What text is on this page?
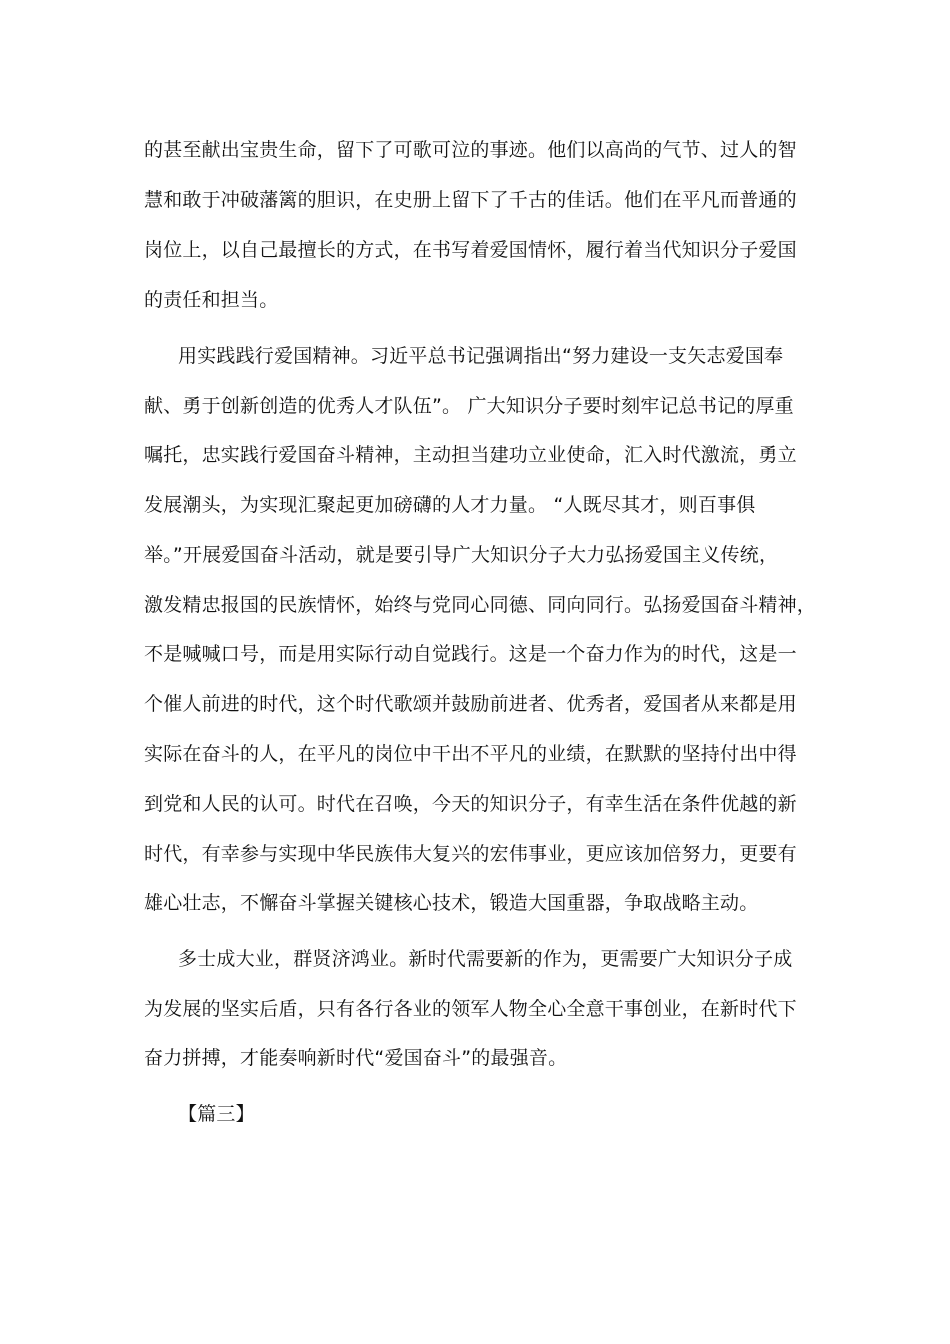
的甚至献出宝贵生命，留下了可歌可泣的事迹。他们以高尚的气节、过人的智
慧和敢于冲破藩篱的胆识，在史册上留下了千古的佳话。他们在平凡而普通的
岗位上，以自己最擅长的方式，在书写着爱国情怀，履行着当代知识分子爱国
的责任和担当。
用实践践行爱国精神。习近平总书记强调指出“努力建设一支矢志爱国奉
献、勇于创新创造的优秀人才队伍”。 广大知识分子要时刻牢记总书记的厚重
嘱托，忠实践行爱国奋斗精神，主动担当建功立业使命，汇入时代激流，勇立
发展潮头，为实现汇聚起更加磅礴的人才力量。 “人既尽其才，则百事俱
举。”开展爱国奋斗活动，就是要引导广大知识分子大力弘扬爱国主义传统，
激发精忠报国的民族情怀，始终与党同心同德、同向同行。弘扬爱国奋斗精神，
不是喊喊口号，而是用实际行动自觉践行。这是一个奋力作为的时代，这是一
个催人前进的时代，这个时代歌颂并鼓励前进者、优秀者，爱国者从来都是用
实际在奋斗的人，在平凡的岗位中干出不平凡的业绩，在默默的坚持付出中得
到党和人民的认可。时代在召唤，今天的知识分子，有幸生活在条件优越的新
时代，有幸参与实现中华民族伟大复兴的宏伟事业，更应该加倍努力，更要有
雄心壮志，不懈奋斗掌握关键核心技术，锻造大国重器，争取战略主动。
多士成大业，群贤济鸿业。新时代需要新的作为，更需要广大知识分子成
为发展的坚实后盾，只有各行各业的领军人物全心全意干事创业，在新时代下
奋力拼搏，才能奏响新时代“爱国奋斗”的最强音。
【篇三】
